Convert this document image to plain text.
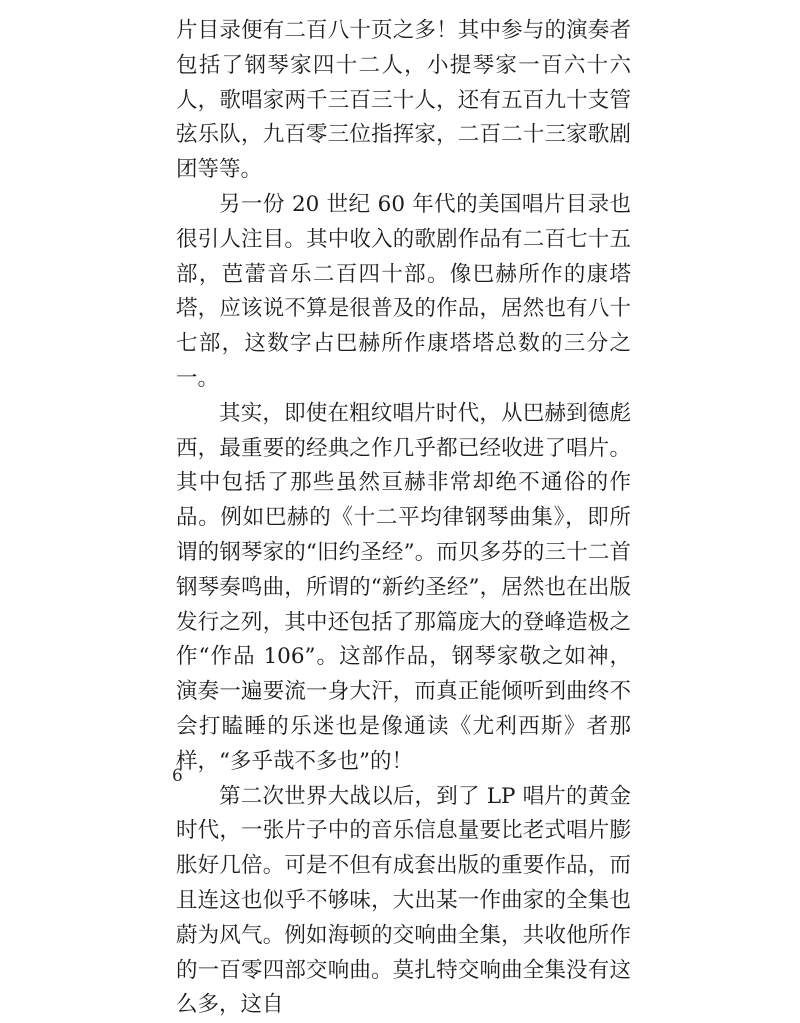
片目录便有二百八十页之多！其中参与的演奏者包括了钢琴家四十二人，小提琴家一百六十六人，歌唱家两千三百三十人，还有五百九十支管弦乐队，九百零三位指挥家，二百二十三家歌剧团等等。

另一份 20 世纪 60 年代的美国唱片目录也很引人注目。其中收入的歌剧作品有二百七十五部，芭蕾音乐二百四十部。像巴赫所作的康塔塔，应该说不算是很普及的作品，居然也有八十七部，这数字占巴赫所作康塔塔总数的三分之一。

其实，即使在粗纹唱片时代，从巴赫到德彪西，最重要的经典之作几乎都已经收进了唱片。其中包括了那些虽然亘赫非常却绝不通俗的作品。例如巴赫的《十二平均律钢琴曲集》，即所谓的钢琴家的“旧约圣经”。而贝多芬的三十二首钢琴奏鸣曲，所谓的“新约圣经”，居然也在出版发行之列，其中还包括了那篇庞大的登峰造极之作“作品 106”。这部作品，钢琴家敬之如神，演奏一遍要流一身大汗，而真正能倾听到曲终不会打瞌睡的乐迷也是像通读《尤利西斯》者那样，“多乎哉不多也”的！

第二次世界大战以后，到了 LP 唱片的黄金时代，一张片子中的音乐信息量要比老式唱片膨胀好几倍。可是不但有成套出版的重要作品，而且连这也似乎不够味，大出某一作曲家的全集也蔚为风气。例如海顿的交响曲全集，共收他所作的一百零四部交响曲。莫扎特交响曲全集没有这么多，这自

6
